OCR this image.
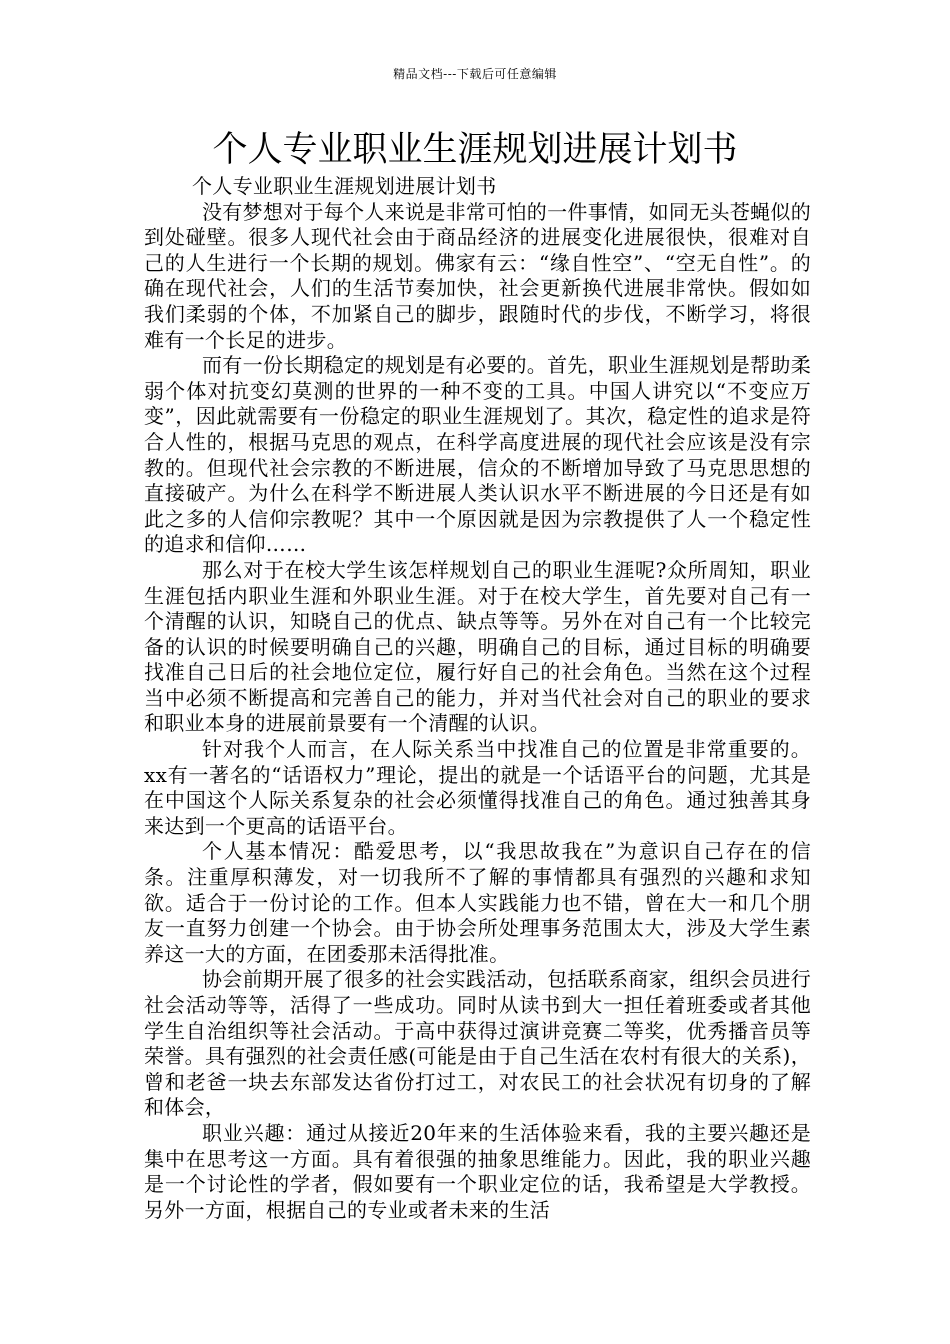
精品文档---下载后可任意编辑
个人专业职业生涯规划进展计划书

个人专业职业生涯规划进展计划书

没有梦想对于每个人来说是非常可怕的一件事情，如同无头苍蝇似的到处碰壁。很多人现代社会由于商品经济的进展变化进展很快，很难对自己的人生进行一个长期的规划。佛家有云：“缘自性空”、“空无自性”。的确在现代社会，人们的生活节奏加快，社会更新换代进展非常快。假如如我们柔弱的个体，不加紧自己的脚步，跟随时代的步伐，不断学习，将很难有一个长足的进步。

而有一份长期稳定的规划是有必要的。首先，职业生涯规划是帮助柔弱个体对抗变幻莫测的世界的一种不变的工具。中国人讲究以“不变应万变”，因此就需要有一份稳定的职业生涯规划了。其次，稳定性的追求是符合人性的，根据马克思的观点，在科学高度进展的现代社会应该是没有宗教的。但现代社会宗教的不断进展，信众的不断增加导致了马克思思想的直接破产。为什么在科学不断进展人类认识水平不断进展的今日还是有如此之多的人信仰宗教呢？其中一个原因就是因为宗教提供了人一个稳定性的追求和信仰……

那么对于在校大学生该怎样规划自己的职业生涯呢?众所周知，职业生涯包括内职业生涯和外职业生涯。对于在校大学生，首先要对自己有一个清醒的认识，知晓自己的优点、缺点等等。另外在对自己有一个比较完备的认识的时候要明确自己的兴趣，明确自己的目标，通过目标的明确要找准自己日后的社会地位定位，履行好自己的社会角色。当然在这个过程当中必须不断提高和完善自己的能力，并对当代社会对自己的职业的要求和职业本身的进展前景要有一个清醒的认识。

针对我个人而言，在人际关系当中找准自己的位置是非常重要的。xx有一著名的“话语权力”理论，提出的就是一个话语平台的问题，尤其是在中国这个人际关系复杂的社会必须懂得找准自己的角色。通过独善其身来达到一个更高的话语平台。

个人基本情况：酷爱思考，以“我思故我在”为意识自己存在的信条。注重厚积薄发，对一切我所不了解的事情都具有强烈的兴趣和求知欲。适合于一份讨论的工作。但本人实践能力也不错，曾在大一和几个朋友一直努力创建一个协会。由于协会所处理事务范围太大，涉及大学生素养这一大的方面，在团委那未活得批准。

协会前期开展了很多的社会实践活动，包括联系商家，组织会员进行社会活动等等，活得了一些成功。同时从读书到大一担任着班委或者其他学生自治组织等社会活动。于高中获得过演讲竞赛二等奖，优秀播音员等荣誉。具有强烈的社会责任感(可能是由于自己生活在农村有很大的关系)，曾和老爸一块去东部发达省份打过工，对农民工的社会状况有切身的了解和体会，

职业兴趣：通过从接近20年来的生活体验来看，我的主要兴趣还是集中在思考这一方面。具有着很强的抽象思维能力。因此，我的职业兴趣是一个讨论性的学者，假如要有一个职业定位的话，我希望是大学教授。另外一方面，根据自己的专业或者未来的生活
